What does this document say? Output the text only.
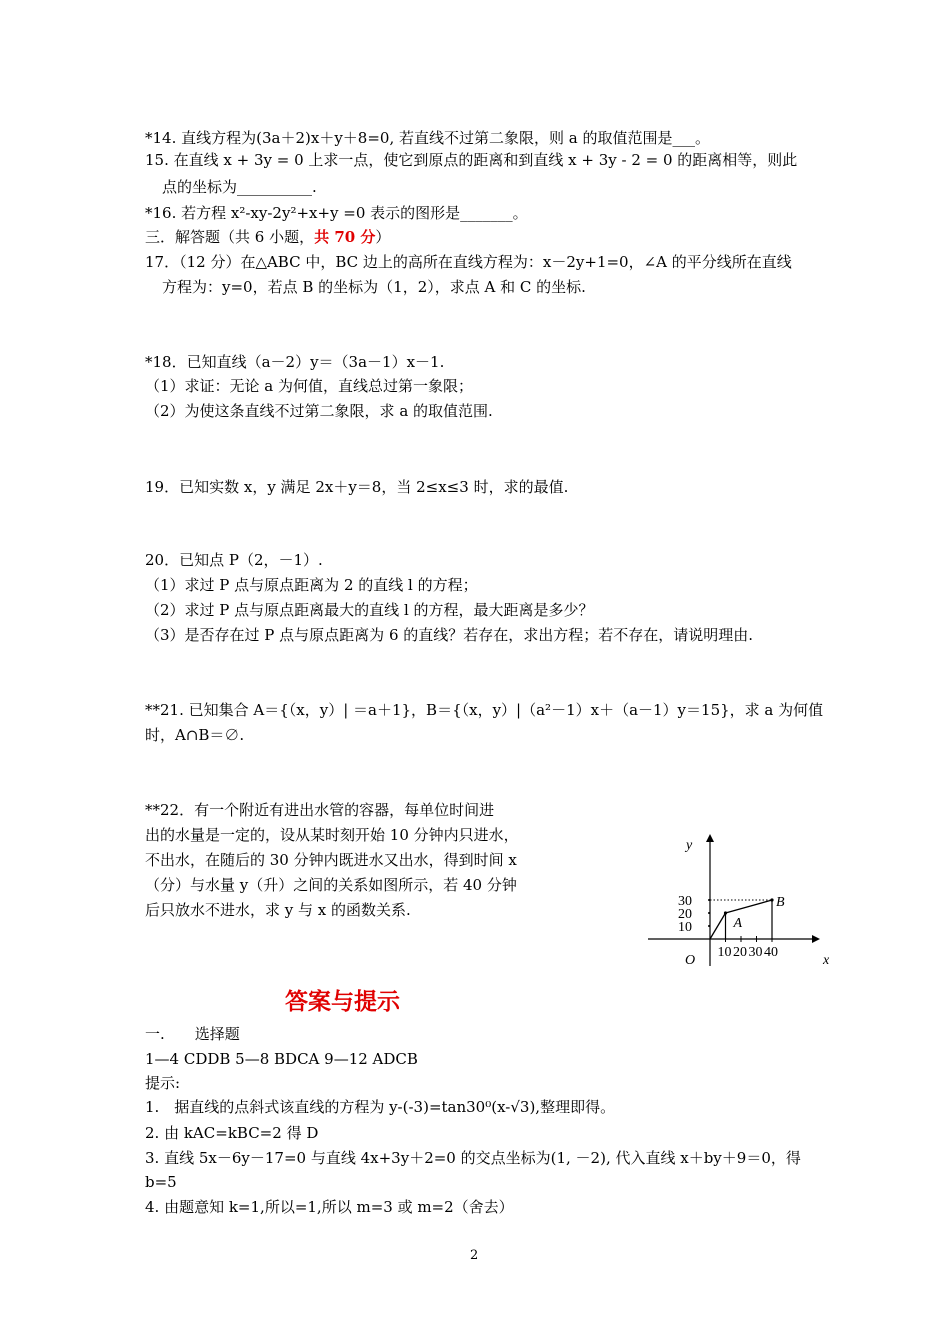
*14. 直线方程为(3a＋2)x＋y＋8=0, 若直线不过第二象限，则 a 的取值范围是___。
15. 在直线 x + 3y = 0 上求一点，使它到原点的距离和到直线 x + 3y - 2 = 0 的距离相等，则此
点的坐标为__________.
*16. 若方程 x²-xy-2y²+x+y =0 表示的图形是_______。
三．解答题（共 6 小题，共 70 分）
17．（12 分）在△ABC 中，BC 边上的高所在直线方程为：x－2y+1=0，∠A 的平分线所在直线
方程为：y=0，若点 B 的坐标为（1，2），求点 A 和 C 的坐标.
*18．已知直线（a－2）y＝（3a－1）x－1.
（1）求证：无论 a 为何值，直线总过第一象限；
（2）为使这条直线不过第二象限，求 a 的取值范围.
19．已知实数 x，y 满足 2x＋y＝8，当 2≤x≤3 时，求的最值.
20．已知点 P（2，－1）.
（1）求过 P 点与原点距离为 2 的直线 l 的方程；
（2）求过 P 点与原点距离最大的直线 l 的方程，最大距离是多少？
（3）是否存在过 P 点与原点距离为 6 的直线？若存在，求出方程；若不存在，请说明理由.
**21. 已知集合 A＝{（x，y）| ＝a＋1}，B＝{（x，y）|（a²－1）x＋（a－1）y＝15}，求 a 为何值
时，A∩B＝∅.
**22．有一个附近有进出水管的容器，每单位时间进
出的水量是一定的，设从某时刻开始 10 分钟内只进水，
不出水，在随后的 30 分钟内既进水又出水，得到时间 x
（分）与水量 y（升）之间的关系如图所示，若 40 分钟
后只放水不进水，求 y 与 x 的函数关系.
x
y
O
10 20 30 40
10
20
30
A
B
答案与提示
一.　　选择题
1—4 CDDB 5—8 BDCA 9—12 ADCB
提示:
1.　据直线的点斜式该直线的方程为 y-(-3)=tan30⁰(x-√3),整理即得。
2. 由 kAC=kBC=2 得 D
3. 直线 5x－6y－17=0 与直线 4x+3y＋2=0 的交点坐标为(1, －2), 代入直线 x＋by＋9＝0，得
b=5
4. 由题意知 k=1,所以=1,所以 m=3 或 m=2（舍去）
2
